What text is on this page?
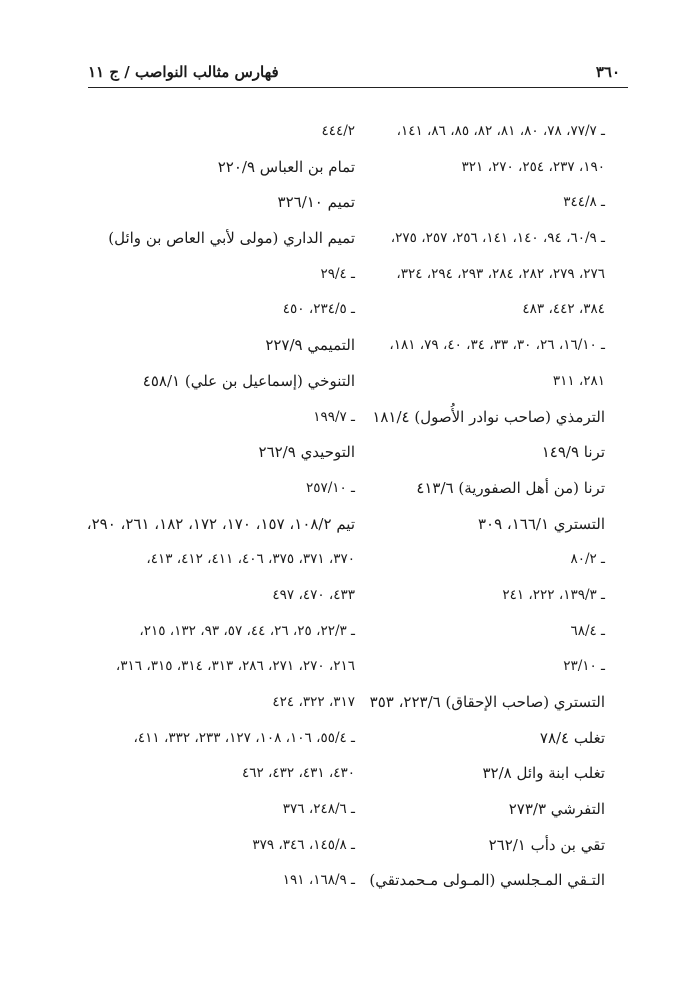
٣٦٠
فهارس مثالب النواصب / ج ١١
ـ ٧٧/٧، ٧٨، ٨٠، ٨١، ٨٢، ٨٥، ٨٦، ١٤١،
١٩٠، ٢٣٧، ٢٥٤، ٢٧٠، ٣٢١
ـ ٣٤٤/٨
ـ ٦٠/٩، ٩٤، ١٤٠، ١٤١، ٢٥٦، ٢٥٧، ٢٧٥،
٢٧٦، ٢٧٩، ٢٨٢، ٢٨٤، ٢٩٣، ٢٩٤، ٣٢٤،
٣٨٤، ٤٤٢، ٤٨٣
ـ ١٦/١٠، ٢٦، ٣٠، ٣٣، ٣٤، ٤٠، ٧٩، ١٨١،
٢٨١، ٣١١
الترمذي (صاحب نوادر الأُصول) ١٨١/٤
ترنا ١٤٩/٩
ترنا (من أهل الصفورية) ٤١٣/٦
التستري ١٦٦/١، ٣٠٩
ـ ٨٠/٢
ـ ١٣٩/٣، ٢٢٢، ٢٤١
ـ ٦٨/٤
ـ ٢٣/١٠
التستري (صاحب الإحقاق) ٢٢٣/٦، ٣٥٣
تغلب ٧٨/٤
تغلب ابنة وائل ٣٢/٨
التفرشي ٢٧٣/٣
تقي بن دأب ٢٦٢/١
التـقي المـجلسي (المـولى مـحمدتقي)
٤٤٤/٢
تمام بن العباس ٢٢٠/٩
تميم ٣٢٦/١٠
تميم الداري (مولى لأبي العاص بن وائل)
ـ ٢٩/٤
ـ ٢٣٤/٥، ٤٥٠
التميمي ٢٢٧/٩
التنوخي (إسماعيل بن علي) ٤٥٨/١
ـ ١٩٩/٧
التوحيدي ٢٦٢/٩
ـ ٢٥٧/١٠
تيم ١٠٨/٢، ١٥٧، ١٧٠، ١٧٢، ١٨٢، ٢٦١، ٢٩٠،
٣٧٠، ٣٧١، ٣٧٥، ٤٠٦، ٤١١، ٤١٢، ٤١٣،
٤٣٣، ٤٧٠، ٤٩٧
ـ ٢٢/٣، ٢٥، ٢٦، ٤٤، ٥٧، ٩٣، ١٣٢، ٢١٥،
٢١٦، ٢٧٠، ٢٧١، ٢٨٦، ٣١٣، ٣١٤، ٣١٥، ٣١٦،
٣١٧، ٣٢٢، ٤٢٤
ـ ٥٥/٤، ١٠٦، ١٠٨، ١٢٧، ٢٣٣، ٣٣٢، ٤١١،
٤٣٠، ٤٣١، ٤٣٢، ٤٦٢
ـ ٢٤٨/٦، ٣٧٦
ـ ١٤٥/٨، ٣٤٦، ٣٧٩
ـ ١٦٨/٩، ١٩١
